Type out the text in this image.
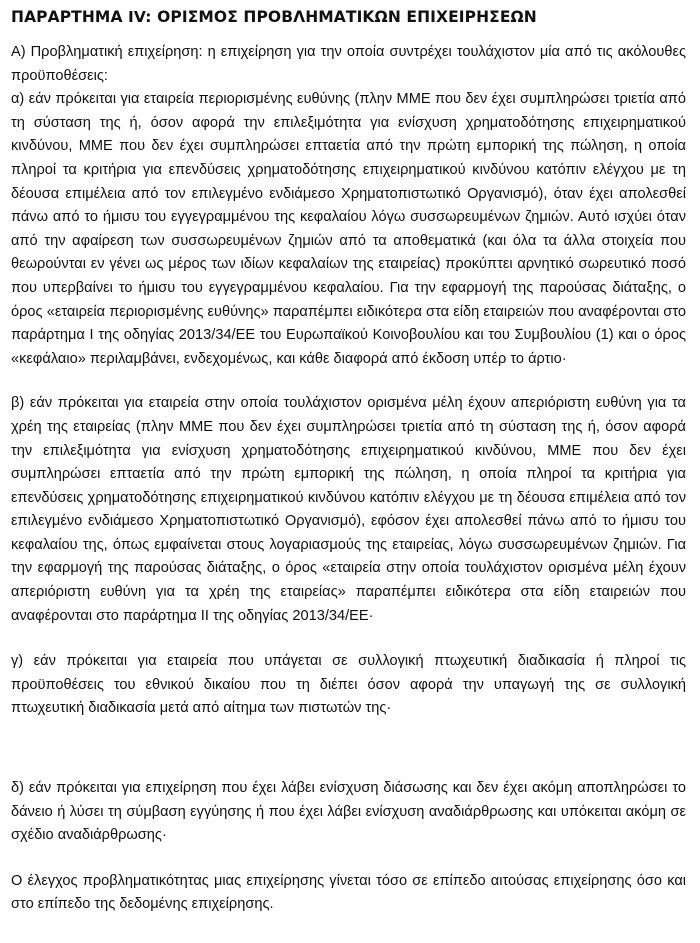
ΠΑΡΑΡΤΗΜΑ IV: ΟΡΙΣΜΟΣ ΠΡΟΒΛΗΜΑΤΙΚΩΝ ΕΠΙΧΕΙΡΗΣΕΩΝ

Α) Προβληματική επιχείρηση: η επιχείρηση για την οποία συντρέχει τουλάχιστον μία από τις ακόλουθες προϋποθέσεις:

α) εάν πρόκειται για εταιρεία περιορισμένης ευθύνης (πλην ΜΜΕ που δεν έχει συμπληρώσει τριετία από τη σύσταση της ή, όσον αφορά την επιλεξιμότητα για ενίσχυση χρηματοδότησης επιχειρηματικού κινδύνου, ΜΜΕ που δεν έχει συμπληρώσει επταετία από την πρώτη εμπορική της πώληση, η οποία πληροί τα κριτήρια για επενδύσεις χρηματοδότησης επιχειρηματικού κινδύνου κατόπιν ελέγχου με τη δέουσα επιμέλεια από τον επιλεγμένο ενδιάμεσο Χρηματοπιστωτικό Οργανισμό), όταν έχει απολεσθεί πάνω από το ήμισυ του εγγεγραμμένου της κεφαλαίου λόγω συσσωρευμένων ζημιών. Αυτό ισχύει όταν από την αφαίρεση των συσσωρευμένων ζημιών από τα αποθεματικά (και όλα τα άλλα στοιχεία που θεωρούνται εν γένει ως μέρος των ιδίων κεφαλαίων της εταιρείας) προκύπτει αρνητικό σωρευτικό ποσό που υπερβαίνει το ήμισυ του εγγεγραμμένου κεφαλαίου. Για την εφαρμογή της παρούσας διάταξης, ο όρος «εταιρεία περιορισμένης ευθύνης» παραπέμπει ειδικότερα στα είδη εταιρειών που αναφέρονται στο παράρτημα Ι της οδηγίας 2013/34/ΕΕ του Ευρωπαϊκού Κοινοβουλίου και του Συμβουλίου (1) και ο όρος «κεφάλαιο» περιλαμβάνει, ενδεχομένως, και κάθε διαφορά από έκδοση υπέρ το άρτιο·

β) εάν πρόκειται για εταιρεία στην οποία τουλάχιστον ορισμένα μέλη έχουν απεριόριστη ευθύνη για τα χρέη της εταιρείας (πλην ΜΜΕ που δεν έχει συμπληρώσει τριετία από τη σύσταση της ή, όσον αφορά την επιλεξιμότητα για ενίσχυση χρηματοδότησης επιχειρηματικού κινδύνου, ΜΜΕ που δεν έχει συμπληρώσει επταετία από την πρώτη εμπορική της πώληση, η οποία πληροί τα κριτήρια για επενδύσεις χρηματοδότησης επιχειρηματικού κινδύνου κατόπιν ελέγχου με τη δέουσα επιμέλεια από τον επιλεγμένο ενδιάμεσο Χρηματοπιστωτικό Οργανισμό), εφόσον έχει απολεσθεί πάνω από το ήμισυ του κεφαλαίου της, όπως εμφαίνεται στους λογαριασμούς της εταιρείας, λόγω συσσωρευμένων ζημιών. Για την εφαρμογή της παρούσας διάταξης, ο όρος «εταιρεία στην οποία τουλάχιστον ορισμένα μέλη έχουν απεριόριστη ευθύνη για τα χρέη της εταιρείας» παραπέμπει ειδικότερα στα είδη εταιρειών που αναφέρονται στο παράρτημα ΙΙ της οδηγίας 2013/34/ΕΕ·

γ) εάν πρόκειται για εταιρεία που υπάγεται σε συλλογική πτωχευτική διαδικασία ή πληροί τις προϋποθέσεις του εθνικού δικαίου που τη διέπει όσον αφορά την υπαγωγή της σε συλλογική πτωχευτική διαδικασία μετά από αίτημα των πιστωτών της·

δ) εάν πρόκειται για επιχείρηση που έχει λάβει ενίσχυση διάσωσης και δεν έχει ακόμη αποπληρώσει το δάνειο ή λύσει τη σύμβαση εγγύησης ή που έχει λάβει ενίσχυση αναδιάρθρωσης και υπόκειται ακόμη σε σχέδιο αναδιάρθρωσης·

Ο έλεγχος προβληματικότητας μιας επιχείρησης γίνεται τόσο σε επίπεδο αιτούσας επιχείρησης όσο και στο επίπεδο της δεδομένης επιχείρησης.
